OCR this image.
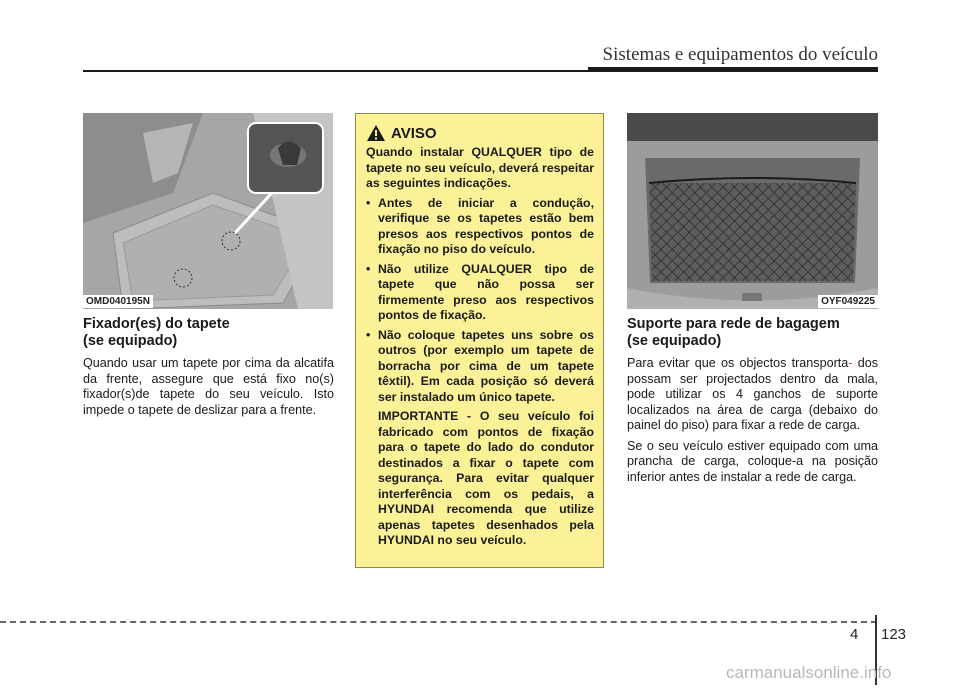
Sistemas e equipamentos do veículo
OMD040195N
Fixador(es) do tapete
(se equipado)

Quando usar um tapete por cima da alcatifa da frente, assegure que está fixo no(s) fixador(s)de tapete do seu veículo. Isto impede o tapete de deslizar para a frente.

AVISO
Quando instalar QUALQUER tipo de tapete no seu veículo, deverá respeitar as seguintes indicações.
• Antes de iniciar a condução, verifique se os tapetes estão bem presos aos respectivos pontos de fixação no piso do veículo.
• Não utilize QUALQUER tipo de tapete que não possa ser firmemente preso aos respectivos pontos de fixação.
• Não coloque tapetes uns sobre os outros (por exemplo um tapete de borracha por cima de um tapete têxtil). Em cada posição só deverá ser instalado um único tapete.
IMPORTANTE - O seu veículo foi fabricado com pontos de fixação para o tapete do lado do condutor destinados a fixar o tapete com segurança. Para evitar qualquer interferência com os pedais, a HYUNDAI recomenda que utilize apenas tapetes desenhados pela HYUNDAI no seu veículo.
OYF049225
Suporte para rede de bagagem
(se equipado)

Para evitar que os objectos transporta- dos possam ser projectados dentro da mala, pode utilizar os 4 ganchos de suporte localizados na área de carga (debaixo do painel do piso) para fixar a rede de carga.

Se o seu veículo estiver equipado com uma prancha de carga, coloque-a na posição inferior antes de instalar a rede de carga.

4 123
carmanualsonline.info
